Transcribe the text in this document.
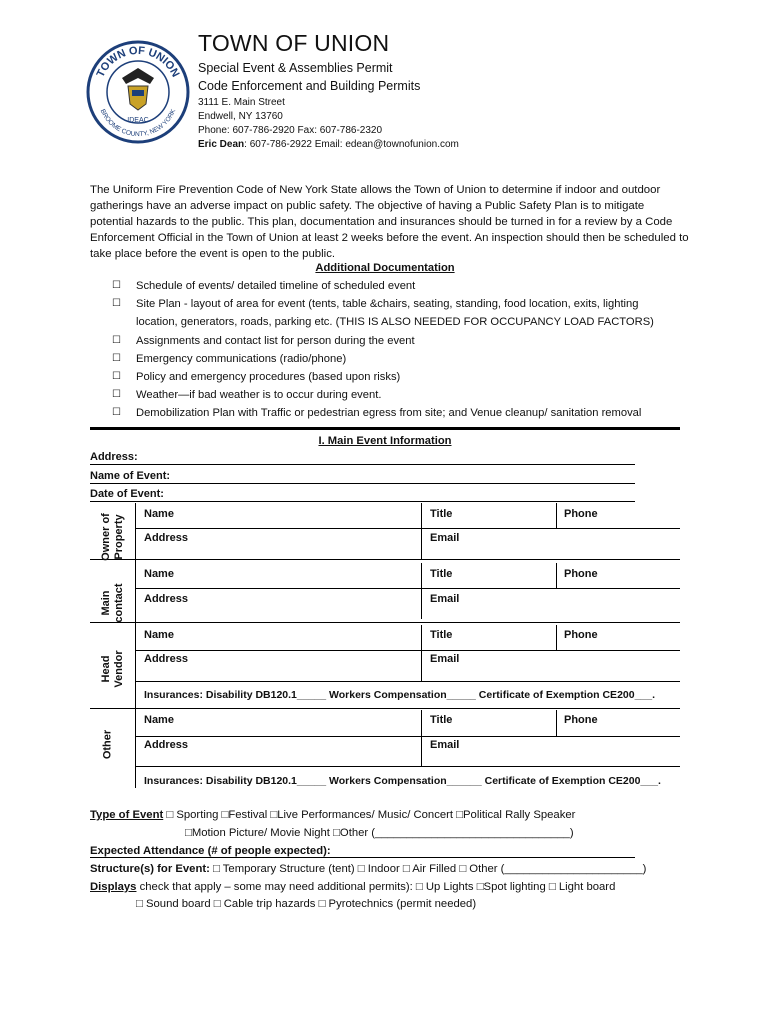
TOWN OF UNION
BROOME COUNTY, NEW YORK
IDEAC
TOWN OF UNION
Special Event & Assemblies Permit
Code Enforcement and Building Permits
3111 E. Main Street
Endwell, NY 13760
Phone: 607-786-2920 Fax: 607-786-2320
Eric Dean: 607-786-2922 Email: edean@townofunion.com
The Uniform Fire Prevention Code of New York State allows the Town of Union to determine if indoor and outdoor gatherings have an adverse impact on public safety. The objective of having a Public Safety Plan is to mitigate potential hazards to the public. This plan, documentation and insurances should be turned in for a review by a Code Enforcement Official in the Town of Union at least 2 weeks before the event. An inspection should then be scheduled to take place before the event is open to the public.
Additional Documentation
☐	Schedule of events/ detailed timeline of scheduled event
☐	Site Plan - layout of area for event (tents, table &chairs, seating, standing, food location, exits, lighting
location, generators, roads, parking etc. (THIS IS ALSO NEEDED FOR OCCUPANCY LOAD FACTORS)
☐	Assignments and contact list for person during the event
☐	Emergency communications (radio/phone)
☐	Policy and emergency procedures (based upon risks)
☐	Weather—if bad weather is to occur during event.
☐	Demobilization Plan with Traffic or pedestrian egress from site; and Venue cleanup/ sanitation removal
I. Main Event Information
Address:
Name of Event:
Date of Event:
Owner of
Property
Name	Title	Phone
Address	Email
Main
contact
Name	Title	Phone
Address	Email
Head
Vendor
Name	Title	Phone
Address	Email
Insurances: Disability DB120.1_____ Workers Compensation_____ Certificate of Exemption CE200___.
Other
Name	Title	Phone
Address	Email
Insurances: Disability DB120.1_____ Workers Compensation______ Certificate of Exemption CE200___.
Type of Event □ Sporting □Festival □Live Performances/ Music/ Concert □Political Rally Speaker
□Motion Picture/ Movie Night □Other (_______________________________)
Expected Attendance (# of people expected):
Structure(s) for Event: □ Temporary Structure (tent) □ Indoor □ Air Filled □ Other (______________________)
Displays check that apply – some may need additional permits): □ Up Lights □Spot lighting □ Light board
□ Sound board □ Cable trip hazards □ Pyrotechnics (permit needed)
